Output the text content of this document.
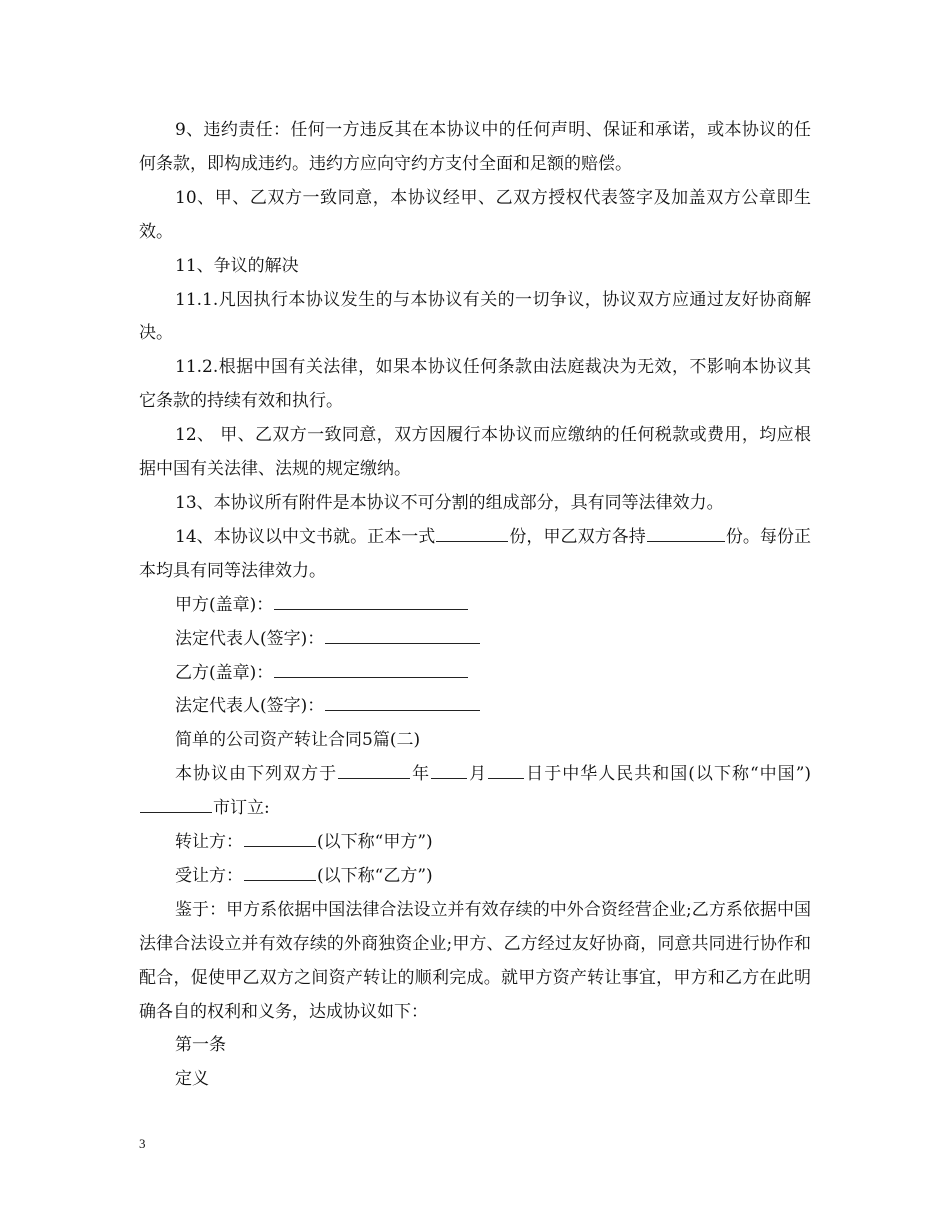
9、违约责任：任何一方违反其在本协议中的任何声明、保证和承诺，或本协议的任何条款，即构成违约。违约方应向守约方支付全面和足额的赔偿。

10、甲、乙双方一致同意，本协议经甲、乙双方授权代表签字及加盖双方公章即生效。

11、争议的解决

11.1.凡因执行本协议发生的与本协议有关的一切争议，协议双方应通过友好协商解决。

11.2.根据中国有关法律，如果本协议任何条款由法庭裁决为无效，不影响本协议其它条款的持续有效和执行。

12、 甲、乙双方一致同意，双方因履行本协议而应缴纳的任何税款或费用，均应根据中国有关法律、法规的规定缴纳。

13、本协议所有附件是本协议不可分割的组成部分，具有同等法律效力。

14、本协议以中文书就。正本一式	份，甲乙双方各持	份。每份正本均具有同等法律效力。

甲方(盖章)：

法定代表人(签字)：

乙方(盖章)：

法定代表人(签字)：

简单的公司资产转让合同5篇(二)

本协议由下列双方于	年 月 日于中华人民共和国(以下称“中国”)市订立:

转让方：	(以下称“甲方”)

受让方：	(以下称“乙方”)

鉴于：甲方系依据中国法律合法设立并有效存续的中外合资经营企业;乙方系依据中国法律合法设立并有效存续的外商独资企业;甲方、乙方经过友好协商，同意共同进行协作和配合，促使甲乙双方之间资产转让的顺利完成。就甲方资产转让事宜，甲方和乙方在此明确各自的权利和义务，达成协议如下：

第一条

定义

3
